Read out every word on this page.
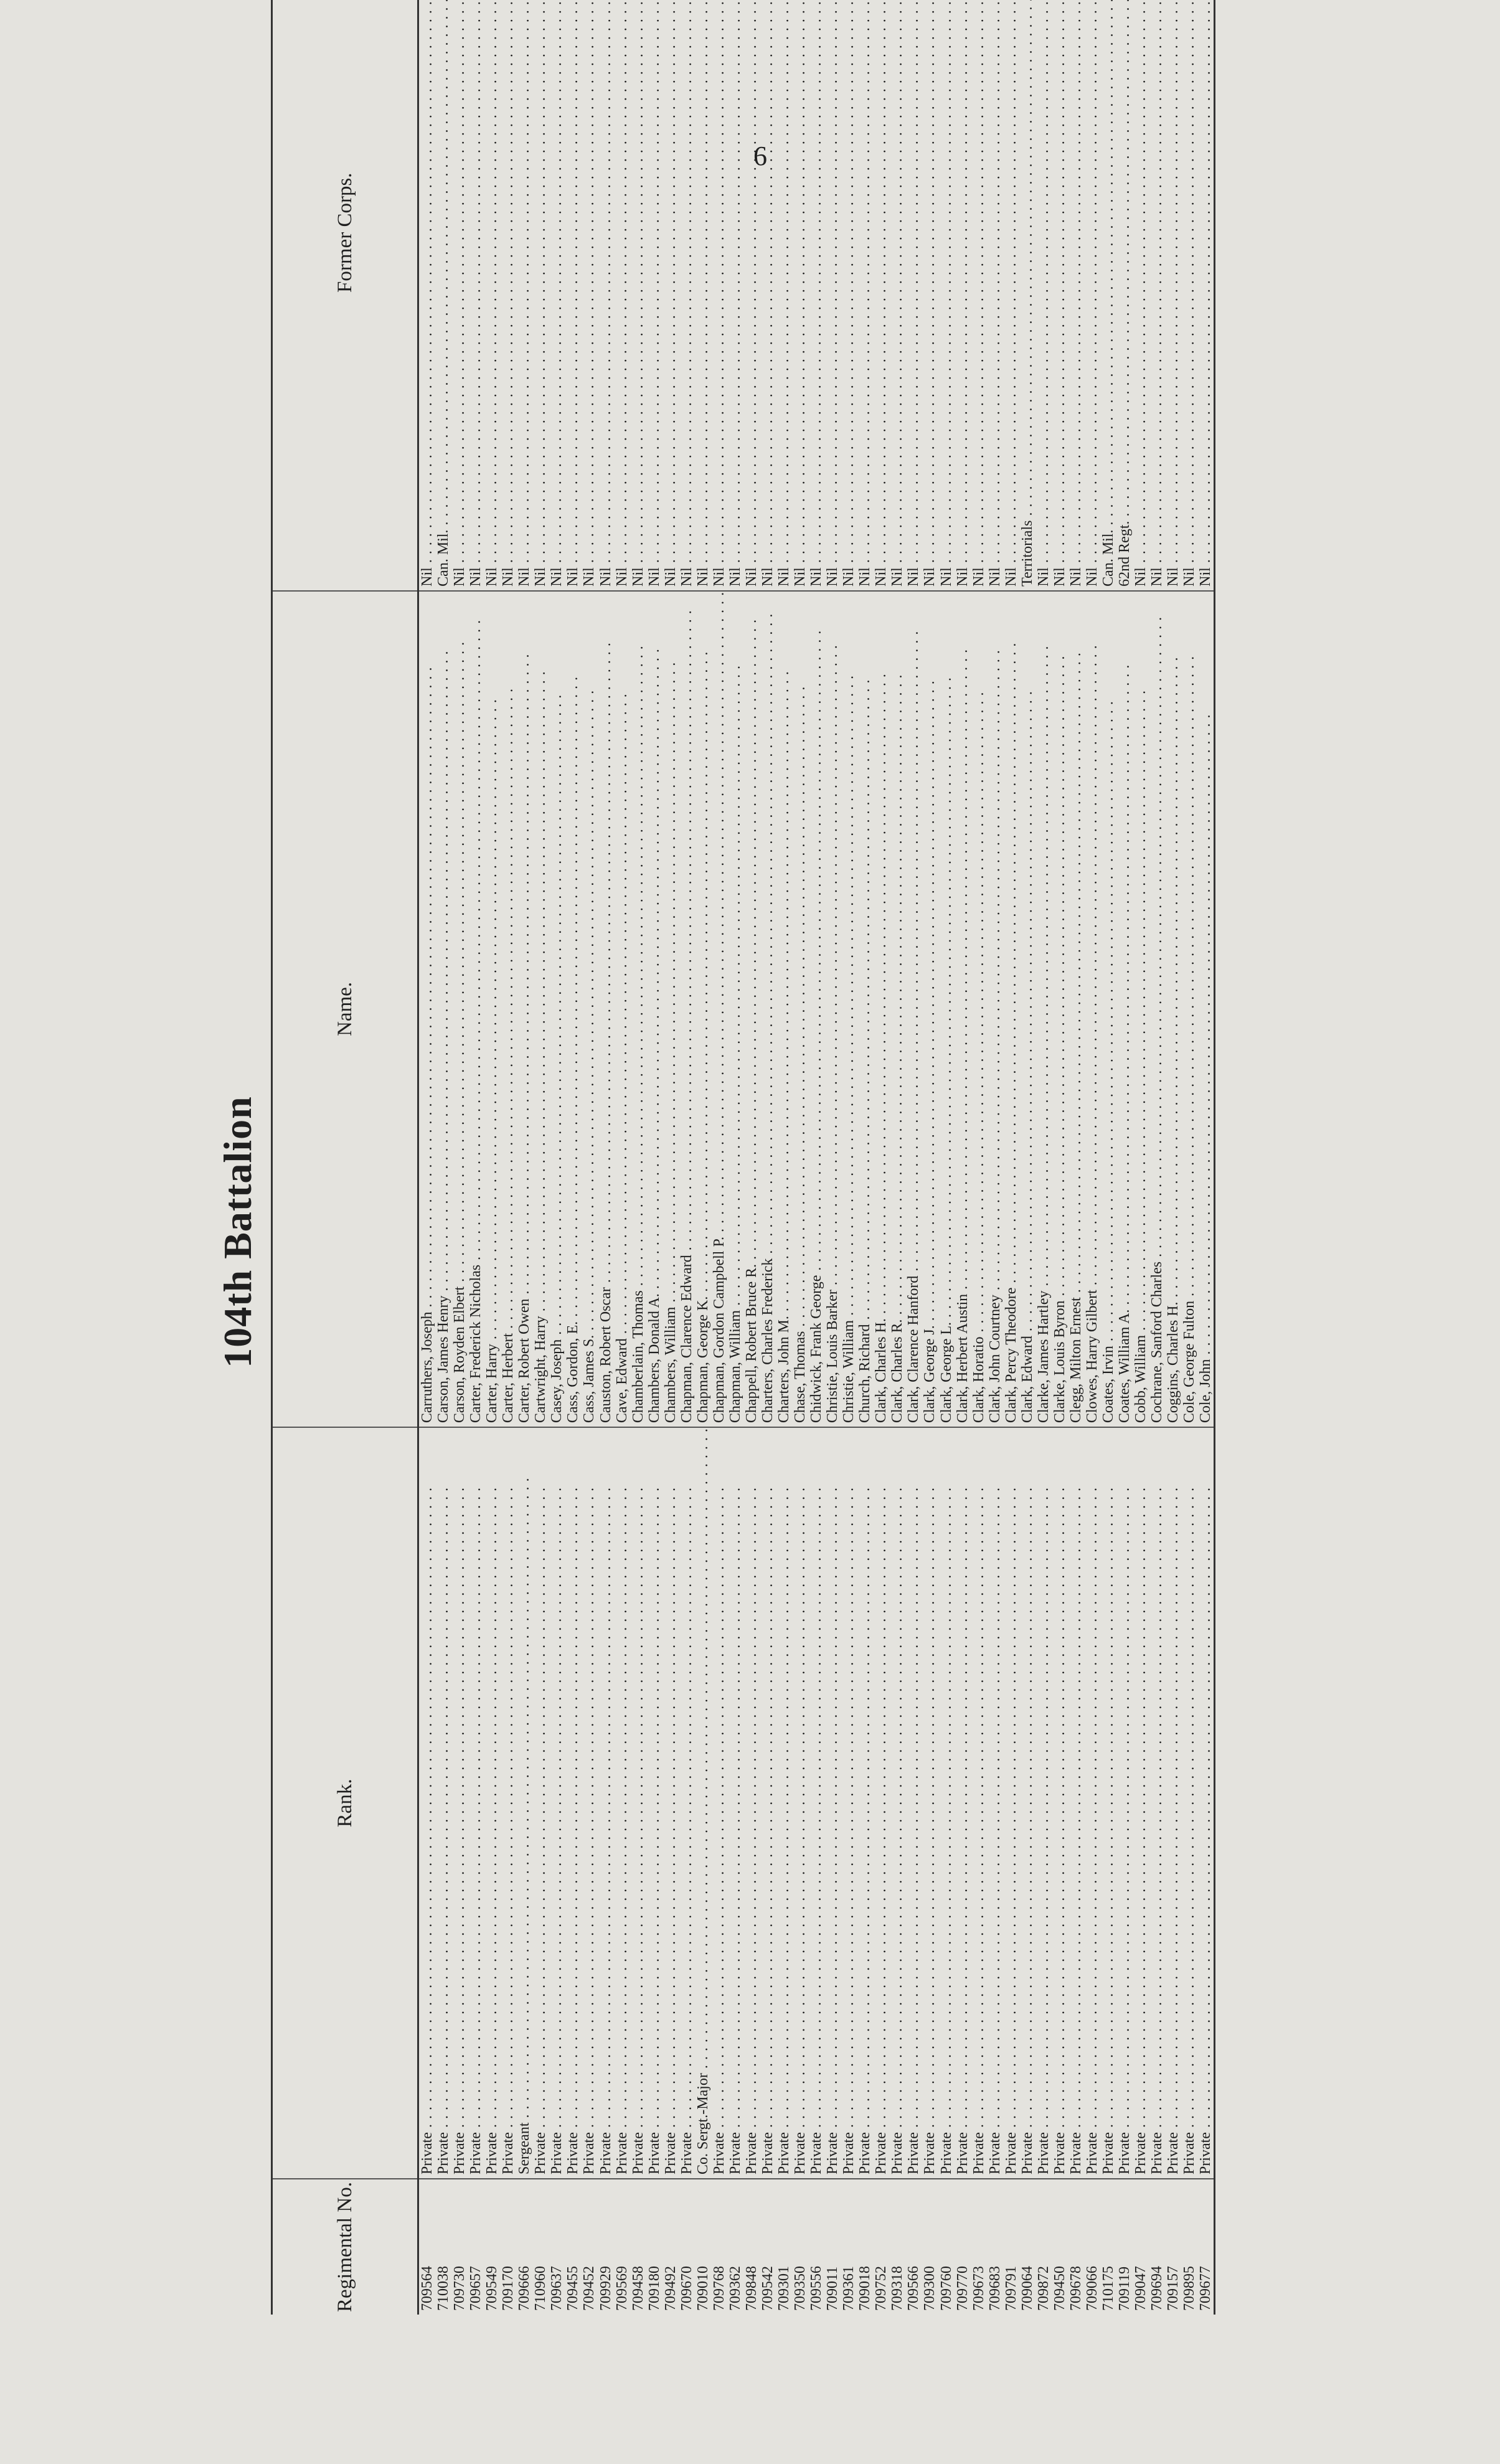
6
104th Battalion
Regimental No.	Rank.	Name.	Former Corps.				

709564	Private . . .	Carruthers, Joseph . . .	Nil . . .					
710038	Private . . .	Carson, James Henry . . .	Can. Mil. . . .					
709730	Private . . .	Carson, Royden Elbert . . .	Nil . . .					
709657	Private . . .	Carter, Frederick Nicholas . . .	Nil . . .					
709549	Private . . .	Carter, Harry . . .	Nil . . .					
709170	Private . . .	Carter, Herbert . . .	Nil . . .					
709666	Sergeant . . .	Carter, Robert Owen . . .	Nil . . .					
710960	Private . . .	Cartwright, Harry . . .	Nil . . .					
709637	Private . . .	Casey, Joseph . . .	Nil . . .					
709455	Private . . .	Cass, Gordon, E. . . .	Nil . . .					
709452	Private . . .	Cass, James S. . . .	Nil . . .					
709929	Private . . .	Causton, Robert Oscar . . .	Nil . . .					
709569	Private . . .	Cave, Edward . . .	Nil . . .					
709458	Private . . .	Chamberlain, Thomas . . .	Nil . . .					
709180	Private . . .	Chambers, Donald A. . . .	Nil . . .					
709492	Private . . .	Chambers, William . . .	Nil . . .					
709670	Private . . .	Chapman, Clarence Edward . . .	Nil . . .					
709010	Co. Sergt.-Major . . .	Chapman, George K. . . .	Nil . . .					
709768	Private . . .	Chapman, Gordon Campbell P. . . .	Nil . . .					
709362	Private . . .	Chapman, William . . .	Nil . . .					
709848	Private . . .	Chappell, Robert Bruce R. . . .	Nil . . .					
709542	Private . . .	Charters, Charles Frederick . . .	Nil . . .					
709301	Private . . .	Charters, John M. . . .	Nil . . .					
709350	Private . . .	Chase, Thomas . . .	Nil . . .					
709556	Private . . .	Chidwick, Frank George . . .	Nil . . .					
709011	Private . . .	Christie, Louis Barker . . .	Nil . . .					
709361	Private . . .	Christie, William . . .	Nil . . .					
709018	Private . . .	Church, Richard . . .	Nil . . .					
709752	Private . . .	Clark, Charles H. . . .	Nil . . .					
709318	Private . . .	Clark, Charles R. . . .	Nil . . .					
709566	Private . . .	Clark, Clarence Hanford . . .	Nil . . .					
709300	Private . . .	Clark, George J. . . .	Nil . . .					
709760	Private . . .	Clark, George L. . . .	Nil . . .					
709770	Private . . .	Clark, Herbert Austin . . .	Nil . . .					
709673	Private . . .	Clark, Horatio . . .	Nil . . .					
709683	Private . . .	Clark, John Courtney . . .	Nil . . .					
709791	Private . . .	Clark, Percy Theodore . . .	Nil . . .					
709064	Private . . .	Clark, Edward . . .	Territorials . . .					
709872	Private . . .	Clarke, James Hartley . . .	Nil . . .					
709450	Private . . .	Clarke, Louis Byron . . .	Nil . . .					
709678	Private . . .	Clegg, Milton Ernest . . .	Nil . . .					
709066	Private . . .	Clowes, Harry Gilbert . . .	Nil . . .					
710175	Private . . .	Coates, Irvin . . .	Can. Mil. . . .					
709119	Private . . .	Coates, William A. . . .	62nd Regt. . . .					
709047	Private . . .	Cobb, William . . .	Nil . . .					
709694	Private . . .	Cochrane, Sanford Charles . . .	Nil . . .					
709157	Private . . .	Coggins, Charles H. . . .	Nil . . .					
709895	Private . . .	Cole, George Fulton . . .	Nil . . .					
709677	Private . . .	Cole, John . . .	Nil . . .					
